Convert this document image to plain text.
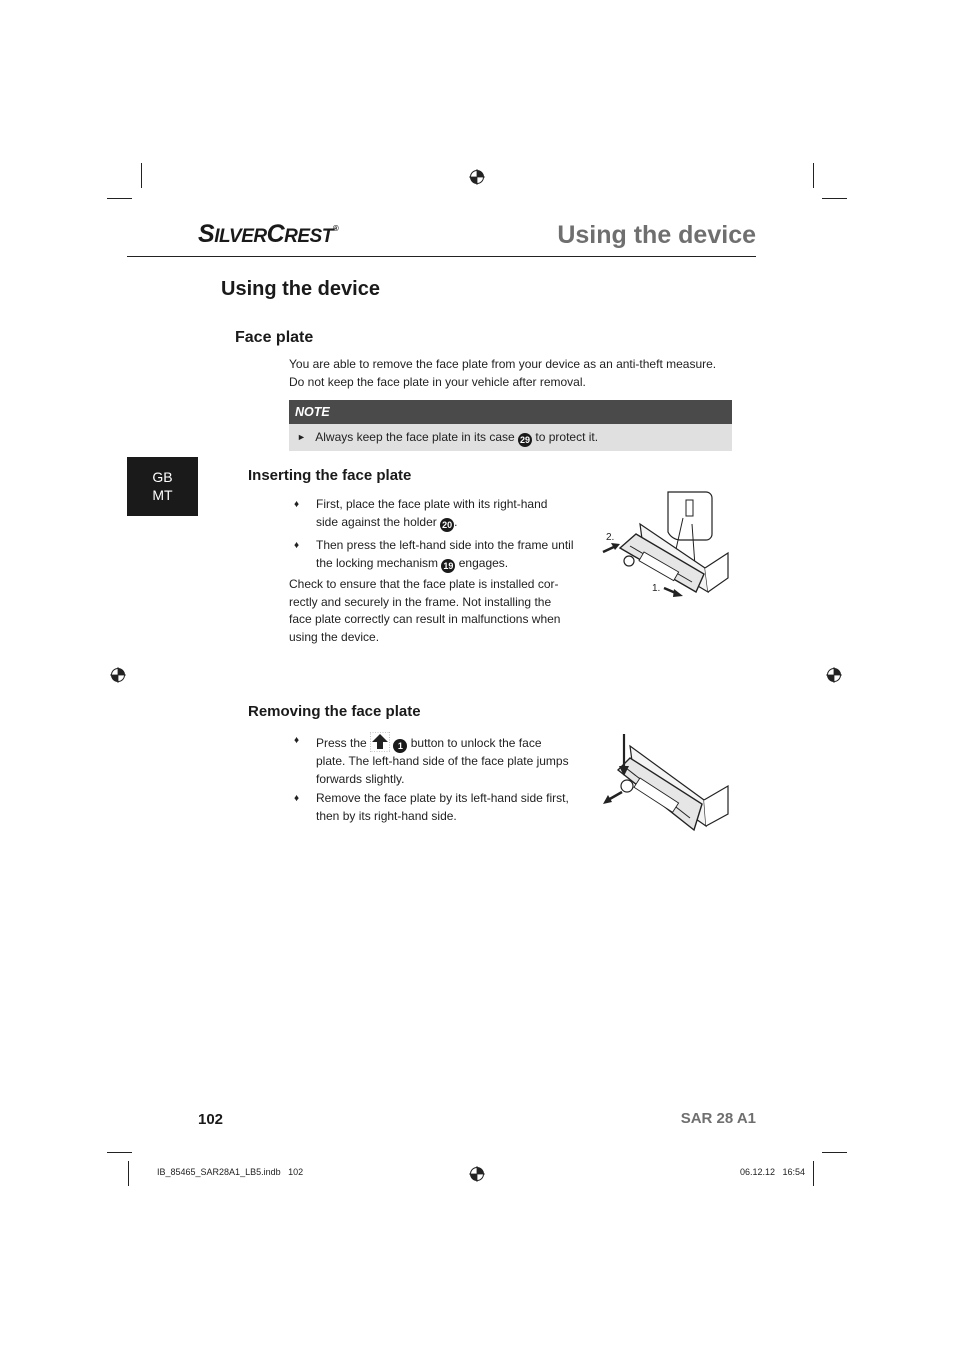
SILVERCREST®	Using the device
Using the device
Face plate
You are able to remove the face plate from your device as an anti-theft measure.
Do not keep the face plate in your vehicle after removal.
NOTE
► Always keep the face plate in its case 29 to protect it.
GB
MT
Inserting the face plate
♦ First, place the face plate with its right-hand
side against the holder 20 .
♦ Then press the left-hand side into the frame until
the locking mechanism 19 engages.
Check to ensure that the face plate is installed cor-
rectly and securely in the frame. Not installing the
face plate correctly can result in malfunctions when
using the device.
2.
1.
Removing the face plate
♦ Press the	1 button to unlock the face
plate. The left-hand side of the face plate jumps
forwards slightly.
♦ Remove the face plate by its left-hand side first,
then by its right-hand side.
102	SAR 28 A1
IB_85465_SAR28A1_LB5.indb   102	06.12.12   16:54
